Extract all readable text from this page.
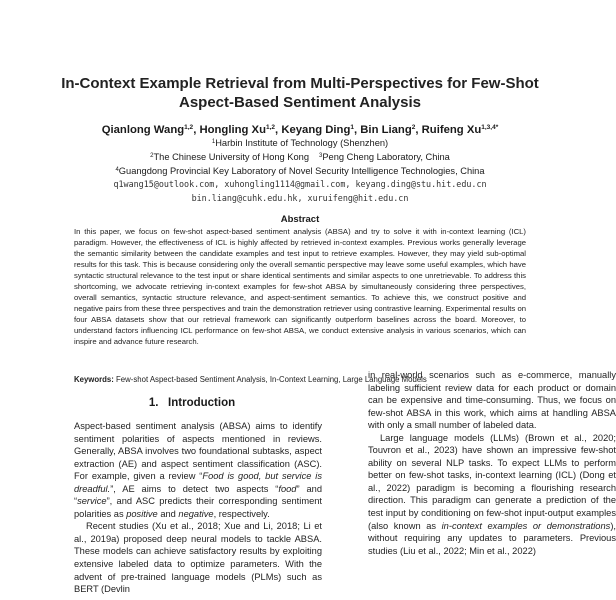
In-Context Example Retrieval from Multi-Perspectives for Few-Shot
Aspect-Based Sentiment Analysis
Qianlong Wang$^{1,2}$, Hongling Xu$^{1,2}$, Keyang Ding$^1$, Bin Liang$^2$, Ruifeng $Xu^{1,3,4*}$
$^1$Harbin Institute of Technology (Shenzhen)
$^2$The Chinese University of Hong Kong $^3$Peng Cheng Laboratory, China
$^4$Guangdong Provincial Key Laboratory of Novel Security Intelligence Technologies, China
q1wang15@outlook.com, xuhongling1114@gmail.com, keyang.ding@stu.hit.edu.cn
bin.liang@cuhk.edu.hk, xuruifeng@hit.edu.cn
Abstract
In this paper, we focus on few-shot aspect-based sentiment analysis (ABSA) and try to solve it with in-context learning (ICL) paradigm. However, the effectiveness of ICL is highly affected by retrieved in-context examples. Previous works generally leverage the semantic similarity between the candidate examples and test input to retrieve examples. However, they may yield sub-optimal results for this task. This is because considering only the overall semantic perspective may leave some useful examples, which have syntactic structural relevance to the test input or share identical sentiments and similar aspects to one unretrievable. To address this shortcoming, we advocate retrieving in-context examples for few-shot ABSA by simultaneously considering three perspectives, overall semantics, syntactic structure relevance, and aspect-sentiment semantics. To achieve this, we construct positive and negative pairs from these three perspectives and train the demonstration retriever using contrastive learning. Experimental results on four ABSA datasets show that our retrieval framework can significantly outperform baselines across the board. Moreover, to understand factors influencing ICL performance on few-shot ABSA, we conduct extensive analysis in various scenarios, which can inspire and advance future research.
Keywords: Few-shot Aspect-based Sentiment Analysis, In-Context Learning, Large Language Models
1. Introduction

Aspect-based sentiment analysis (ABSA) aims to identify sentiment polarities of aspects mentioned in reviews. Generally, ABSA involves two foundational subtasks, aspect extraction (AE) and aspect sentiment classification (ASC). For example, given a review “Food is good, but service is dreadful.”, AE aims to detect two aspects “food” and “service”, and ASC predicts their corresponding sentiment polarities as positive and negative, respectively.

Recent studies (Xu et al., 2018; Xue and Li, 2018; Li et al., 2019a) proposed deep neural models to tackle ABSA. These models can achieve satisfactory results by exploiting extensive labeled data to optimize parameters. With the advent of pre-trained language models (PLMs) such as BERT (Devlin

in real-world scenarios such as e-commerce, manually labeling sufficient review data for each product or domain can be expensive and time-consuming. Thus, we focus on few-shot ABSA in this work, which aims at handling ABSA with only a small number of labeled data.

Large language models (LLMs) (Brown et al., 2020; Touvron et al., 2023) have shown an impressive few-shot ability on several NLP tasks. To expect LLMs to perform better on few-shot tasks, in-context learning (ICL) (Dong et al., 2022) paradigm is becoming a flourishing research direction. This paradigm can generate a prediction of the test input by conditioning on few-shot input-output examples (also known as in-context examples or demonstrations), without requiring any updates to parameters. Previous studies (Liu et al., 2022; Min et al., 2022)
